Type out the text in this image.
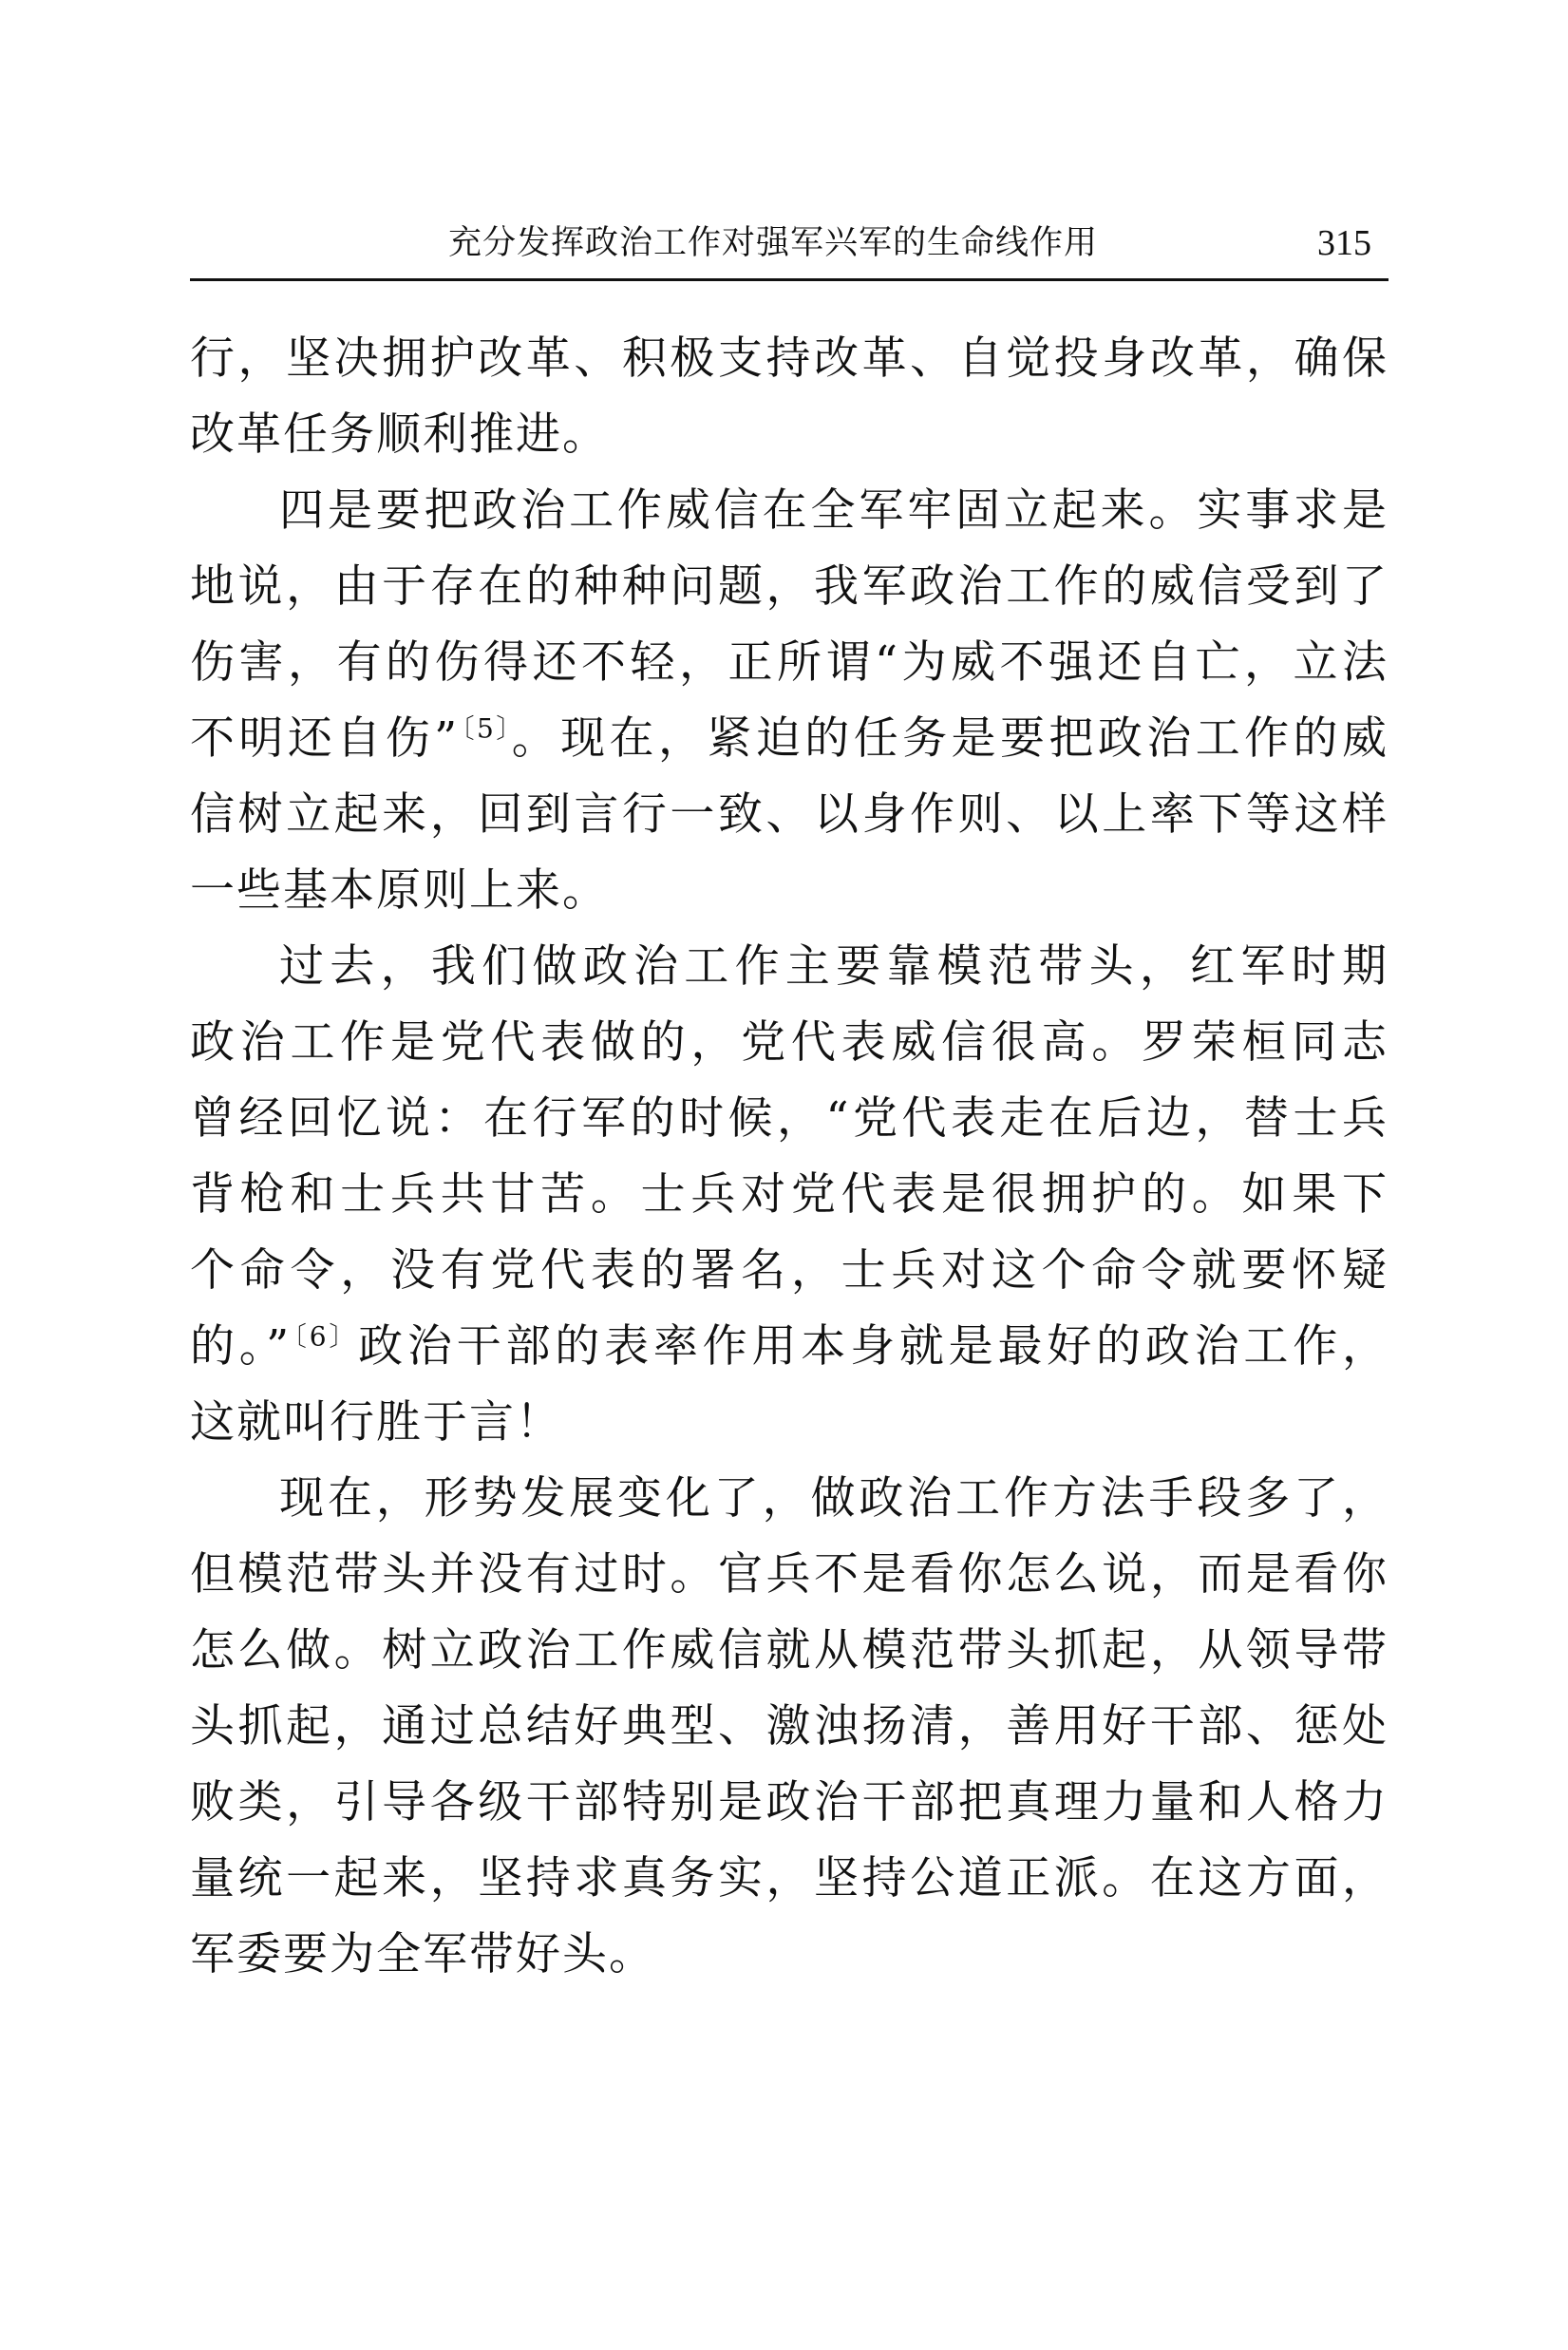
充分发挥政治工作对强军兴军的生命线作用	315
行，坚决拥护改革、积极支持改革、自觉投身改革，确保
改革任务顺利推进。
四是要把政治工作威信在全军牢固立起来。实事求是
地说，由于存在的种种问题，我军政治工作的威信受到了
伤害，有的伤得还不轻，正所谓“为威不强还自亡，立法
不明还自伤”$^{〔5〕}$。现在，紧迫的任务是要把政治工作的威
信树立起来，回到言行一致、以身作则、以上率下等这样
一些基本原则上来。
过去，我们做政治工作主要靠模范带头，红军时期
政治工作是党代表做的，党代表威信很高。罗荣桓同志
曾经回忆说：在行军的时候，“党代表走在后边，替士兵
背枪和士兵共甘苦。士兵对党代表是很拥护的。如果下
个命令，没有党代表的署名，士兵对这个命令就要怀疑
的。”$^{〔6〕}$政治干部的表率作用本身就是最好的政治工作，
这就叫行胜于言！
现在，形势发展变化了，做政治工作方法手段多了，
但模范带头并没有过时。官兵不是看你怎么说，而是看你
怎么做。树立政治工作威信就从模范带头抓起，从领导带
头抓起，通过总结好典型、激浊扬清，善用好干部、惩处
败类，引导各级干部特别是政治干部把真理力量和人格力
量统一起来，坚持求真务实，坚持公道正派。在这方面，
军委要为全军带好头。
